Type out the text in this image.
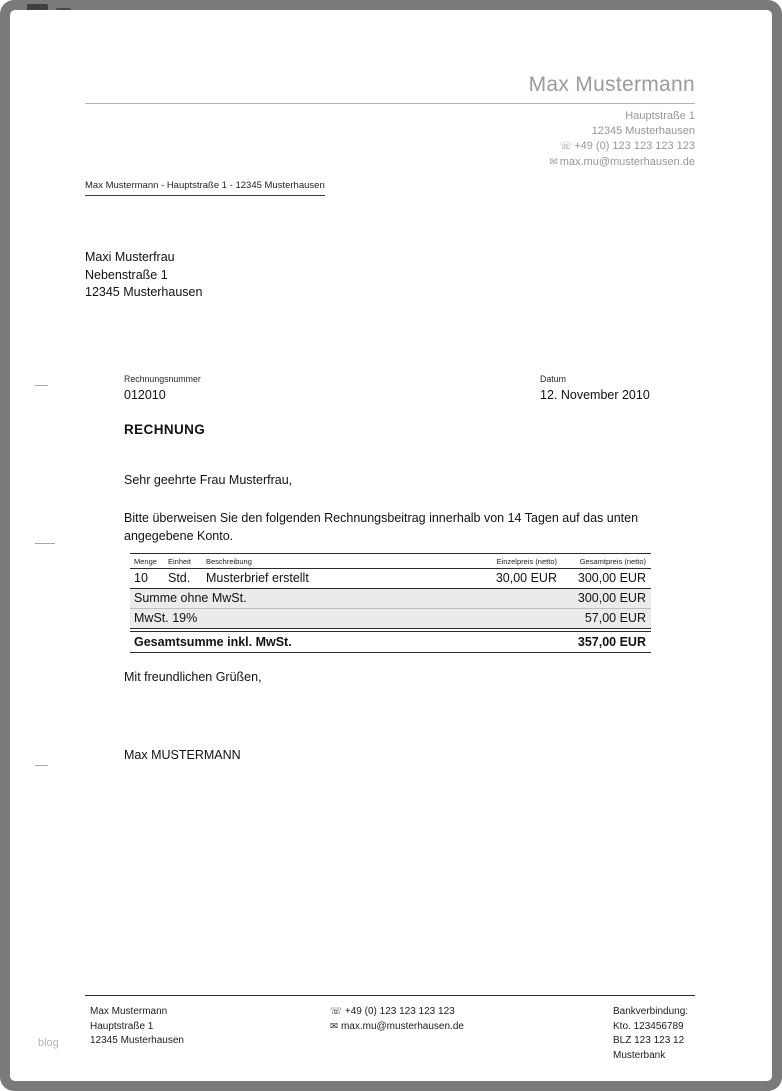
Max Mustermann
Hauptstraße 1
12345 Musterhausen
☏ +49 (0) 123 123 123 123
✉ max.mu@musterhausen.de
Max Mustermann - Hauptstraße 1 - 12345 Musterhausen
Maxi Musterfrau
Nebenstraße 1
12345 Musterhausen
Rechnungsnummer
012010
Datum
12. November 2010
RECHNUNG
Sehr geehrte Frau Musterfrau,
Bitte überweisen Sie den folgenden Rechnungsbeitrag innerhalb von 14 Tagen auf das unten angegebene Konto.
Menge	Einheit	Beschreibung	Einzelpreis (netto)	Gesamtpreis (netto)
10	Std.	Musterbrief erstellt	30,00 EUR	300,00 EUR
Summe ohne MwSt.	300,00 EUR
MwSt. 19%	57,00 EUR
Gesamtsumme inkl. MwSt.	357,00 EUR
Mit freundlichen Grüßen,
Max MUSTERMANN
Max Mustermann
Hauptstraße 1
12345 Musterhausen
☏ +49 (0) 123 123 123 123
✉ max.mu@musterhausen.de
Bankverbindung:
Kto. 123456789
BLZ 123 123 12
Musterbank
blog
